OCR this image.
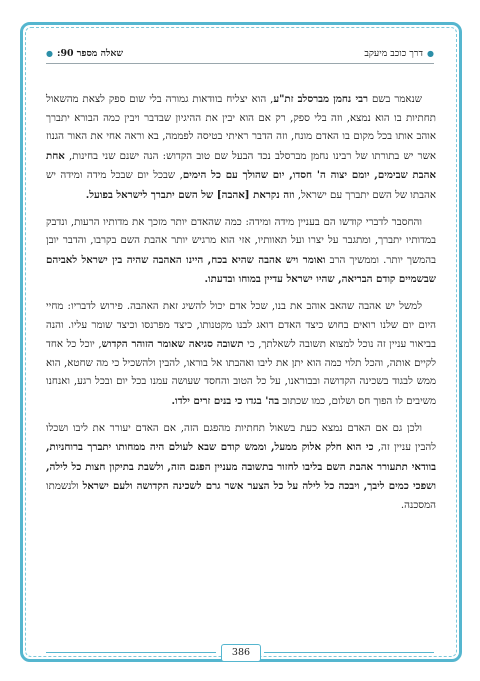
●
דרך כוכב מיעקב
שאלה מספר 90:
●

שנאמר בשם רבי נחמן מברסלב זת"ע, הוא יצליח בוודאות גמורה בלי שום ספק לצאת מהשאול תחתיות בו הוא נמצא, וזה בלי ספק, רק אם הוא יבין את ההיגיון שבדבר ויבין כמה הבורא יתברך אוהב אותו בכל מקום בו האדם מונח, וזה הדבר ראיתי בטיסה לפממה, בא וראה אחי את האור הגנוז אשר יש בתורתו של רבינו נחמן מברסלב נכד הבעל שם טוב הקדוש: הנה ישנם שני בחינות, אחת אהבת שבימים, יומם יצוה ה' חסדו, יום שהולך עם כל הימים, שבכל יום שבכל מידה ומידה יש אהבתו של השם יתברך עם ישראל, וזה נקראת [אהבה] של השם יתברך לישראל בפועל.

והחסבר לדברי קודשו הם בעניין מידה ומידה: כמה שהאדם יותר מזכך את מדותיו הרעות, ונדבק במדותיו יתברך, ומתגבר על יצרו ועל תאוותיו, אזי הוא מרגיש יותר אהבת השם בקרבו, והדבר יובן בהמשך יותר. וממשיך הרב ואומר ויש אהבה שהיא בכח, היינו האהבה שהיה בין ישראל לאביהם שבשמיים קודם הבריאה, שהיו ישראל עדיין במוחו ובדעתו.

למשל יש אהבה שהאב אוהב את בנו, שכל אדם יכול להשיג זאת האהבה. פירוש לדבריו: מחיי היום יום שלנו רואים בחוש כיצד האדם דואג לבנו מקטנותו, כיצד מפרנסו וכיצד שומר עליו. והנה בביאור עניין זה נוכל למצוא תשובה לשאלתך, כי תשובה סגיאה שאומר הזוהר הקדוש, יוכל כל אחד לקיים אותה, והכל תלוי כמה הוא יתן את ליבו ואהבתו אל בוראו, להבין ולהשכיל כי מה שחטא, הוא ממש לבגוד בשכינה הקדושה ובבוראנו, על כל הטוב והחסד שעושה עמנו בכל יום ובכל רגע, ואנחנו משיבים לו הפוך חס ושלום, כמו שכתוב בה' בגדו כי בנים זרים ילדו.

ולכן גם אם האדם נמצא כעת בשאול תחתיות מהפגם הזה, אם האדם יעורר את ליבו ושכלו להבין עניין זה, כי הוא חלק אלוק ממעל, וממש קודם שבא לעולם היה ממחותו יתברך ברוחניות, בוודאי תתעורר אהבת השם בליבו לחזור בתשובה מעניין הפגם הזה, ולשבת בתיקון חצות כל לילה, ושפכי כמים ליבך, ויבכה כל לילה על כל הצער אשר גרם לשכינה הקדושה ולעם ישראל ולנשמתו המסכנה.

386
